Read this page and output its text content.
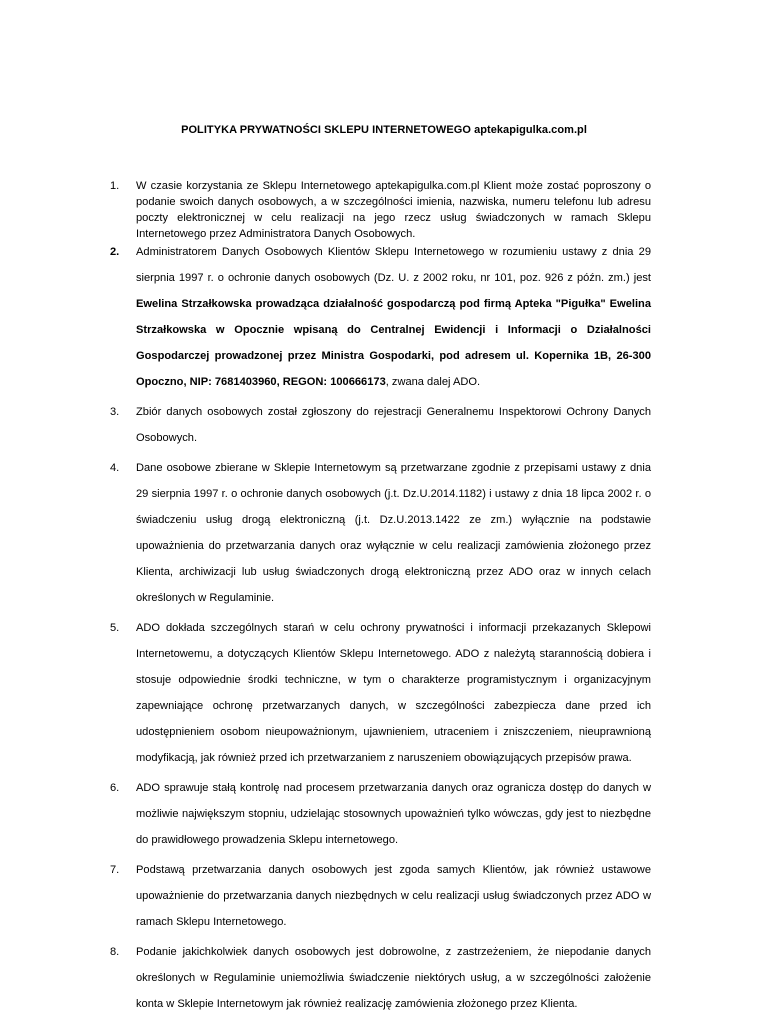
POLITYKA PRYWATNOŚCI SKLEPU INTERNETOWEGO aptekapigulka.com.pl
1.	W czasie korzystania ze Sklepu Internetowego aptekapigulka.com.pl Klient może zostać poproszony o podanie swoich danych osobowych, a w szczególności imienia, nazwiska, numeru telefonu lub adresu poczty elektronicznej w celu realizacji na jego rzecz usług świadczonych w ramach Sklepu Internetowego przez Administratora Danych Osobowych.
2.	Administratorem Danych Osobowych Klientów Sklepu Internetowego w rozumieniu ustawy z dnia 29 sierpnia 1997 r. o ochronie danych osobowych (Dz. U. z 2002 roku, nr 101, poz. 926 z późn. zm.) jest Ewelina Strzałkowska prowadząca działalność gospodarczą pod firmą Apteka "Pigułka" Ewelina Strzałkowska w Opocznie wpisaną do Centralnej Ewidencji i Informacji o Działalności Gospodarczej prowadzonej przez Ministra Gospodarki, pod adresem ul. Kopernika 1B, 26-300 Opoczno, NIP: 7681403960, REGON: 100666173, zwana dalej ADO.
3.	Zbiór danych osobowych został zgłoszony do rejestracji Generalnemu Inspektorowi Ochrony Danych Osobowych.
4.	Dane osobowe zbierane w Sklepie Internetowym są przetwarzane zgodnie z przepisami ustawy z dnia 29 sierpnia 1997 r. o ochronie danych osobowych (j.t. Dz.U.2014.1182) i ustawy z dnia 18 lipca 2002 r. o świadczeniu usług drogą elektroniczną (j.t. Dz.U.2013.1422 ze zm.) wyłącznie na podstawie upoważnienia do przetwarzania danych oraz wyłącznie w celu realizacji zamówienia złożonego przez Klienta, archiwizacji lub usług świadczonych drogą elektroniczną przez ADO oraz w innych celach określonych w Regulaminie.
5.	ADO dokłada szczególnych starań w celu ochrony prywatności i informacji przekazanych Sklepowi Internetowemu, a dotyczących Klientów Sklepu Internetowego. ADO z należytą starannością dobiera i stosuje odpowiednie środki techniczne, w tym o charakterze programistycznym i organizacyjnym zapewniające ochronę przetwarzanych danych, w szczególności zabezpiecza dane przed ich udostępnieniem osobom nieupoważnionym, ujawnieniem, utraceniem i zniszczeniem, nieuprawnioną modyfikacją, jak również przed ich przetwarzaniem z naruszeniem obowiązujących przepisów prawa.
6.	ADO sprawuje stałą kontrolę nad procesem przetwarzania danych oraz ogranicza dostęp do danych w możliwie największym stopniu, udzielając stosownych upoważnień tylko wówczas, gdy jest to niezbędne do prawidłowego prowadzenia Sklepu internetowego.
7.	Podstawą przetwarzania danych osobowych jest zgoda samych Klientów, jak również ustawowe upoważnienie do przetwarzania danych niezbędnych w celu realizacji usług świadczonych przez ADO w ramach Sklepu Internetowego.
8.	Podanie jakichkolwiek danych osobowych jest dobrowolne, z zastrzeżeniem, że niepodanie danych określonych w Regulaminie uniemożliwia świadczenie niektórych usług, a w szczególności założenie konta w Sklepie Internetowym jak również realizację zamówienia złożonego przez Klienta.
